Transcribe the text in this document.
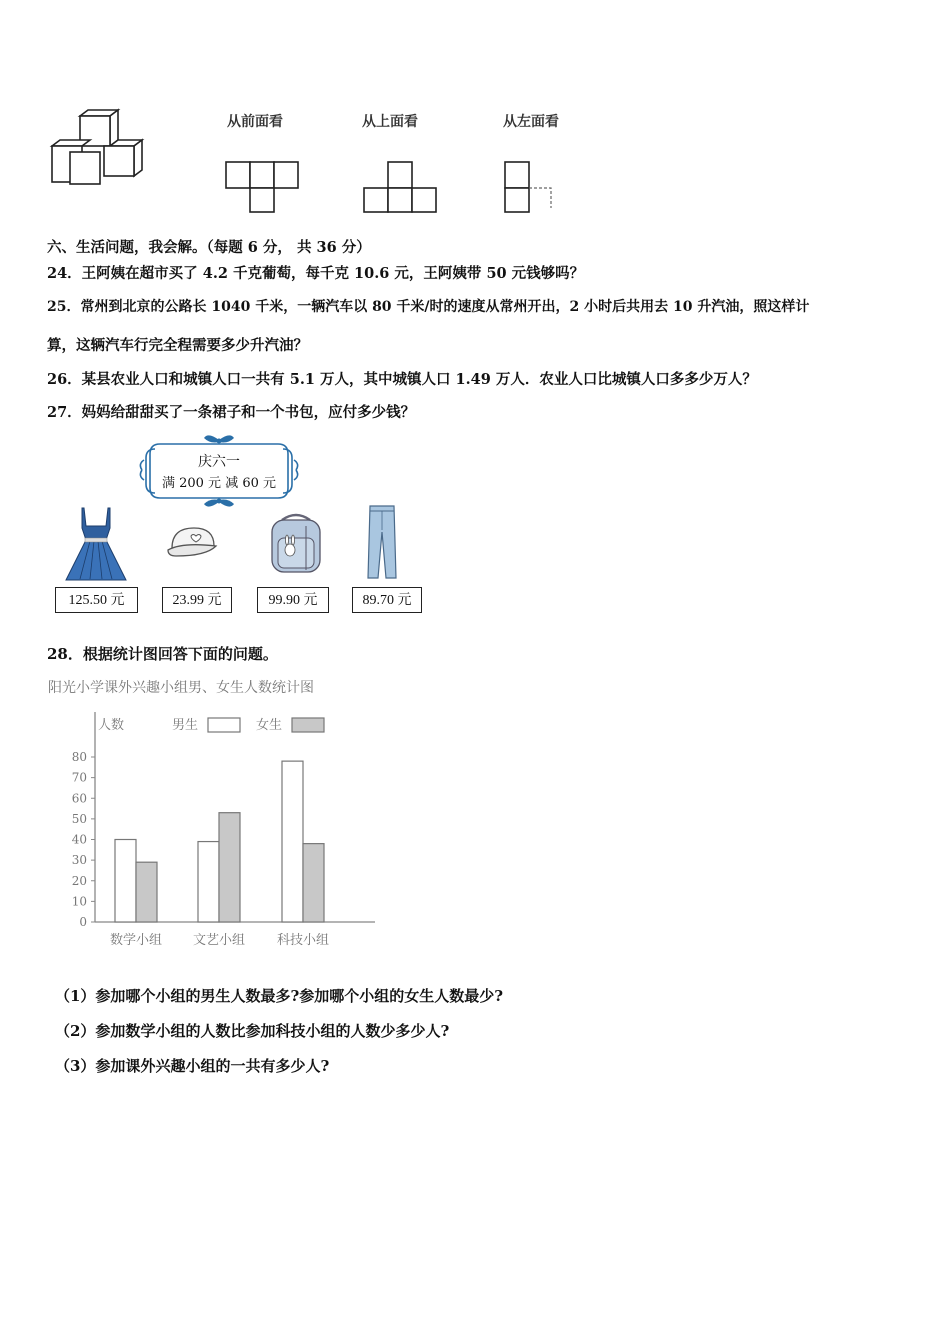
从前面看	从上面看	从左面看
六、生活问题，我会解。（每题 6 分， 共 36 分）
24．王阿姨在超市买了 4.2 千克葡萄，每千克 10.6 元，王阿姨带 50 元钱够吗？
25．常州到北京的公路长 1040 千米，一辆汽车以 80 千米/时的速度从常州开出，2 小时后共用去 10 升汽油，照这样计
算，这辆汽车行完全程需要多少升汽油？
26．某县农业人口和城镇人口一共有 5.1 万人，其中城镇人口 1.49 万人．农业人口比城镇人口多多少万人？
27．妈妈给甜甜买了一条裙子和一个书包，应付多少钱？
庆六一
满 200 元 减 60 元
125.50 元	23.99 元	99.90 元	89.70 元
28．根据统计图回答下面的问题。
阳光小学课外兴趣小组男、女生人数统计图
人数	男生	女生
0
10
20
30
40
50
60
70
80
数学小组 文艺小组 科技小组
（1）参加哪个小组的男生人数最多?参加哪个小组的女生人数最少?
（2）参加数学小组的人数比参加科技小组的人数少多少人?
（3）参加课外兴趣小组的一共有多少人?
